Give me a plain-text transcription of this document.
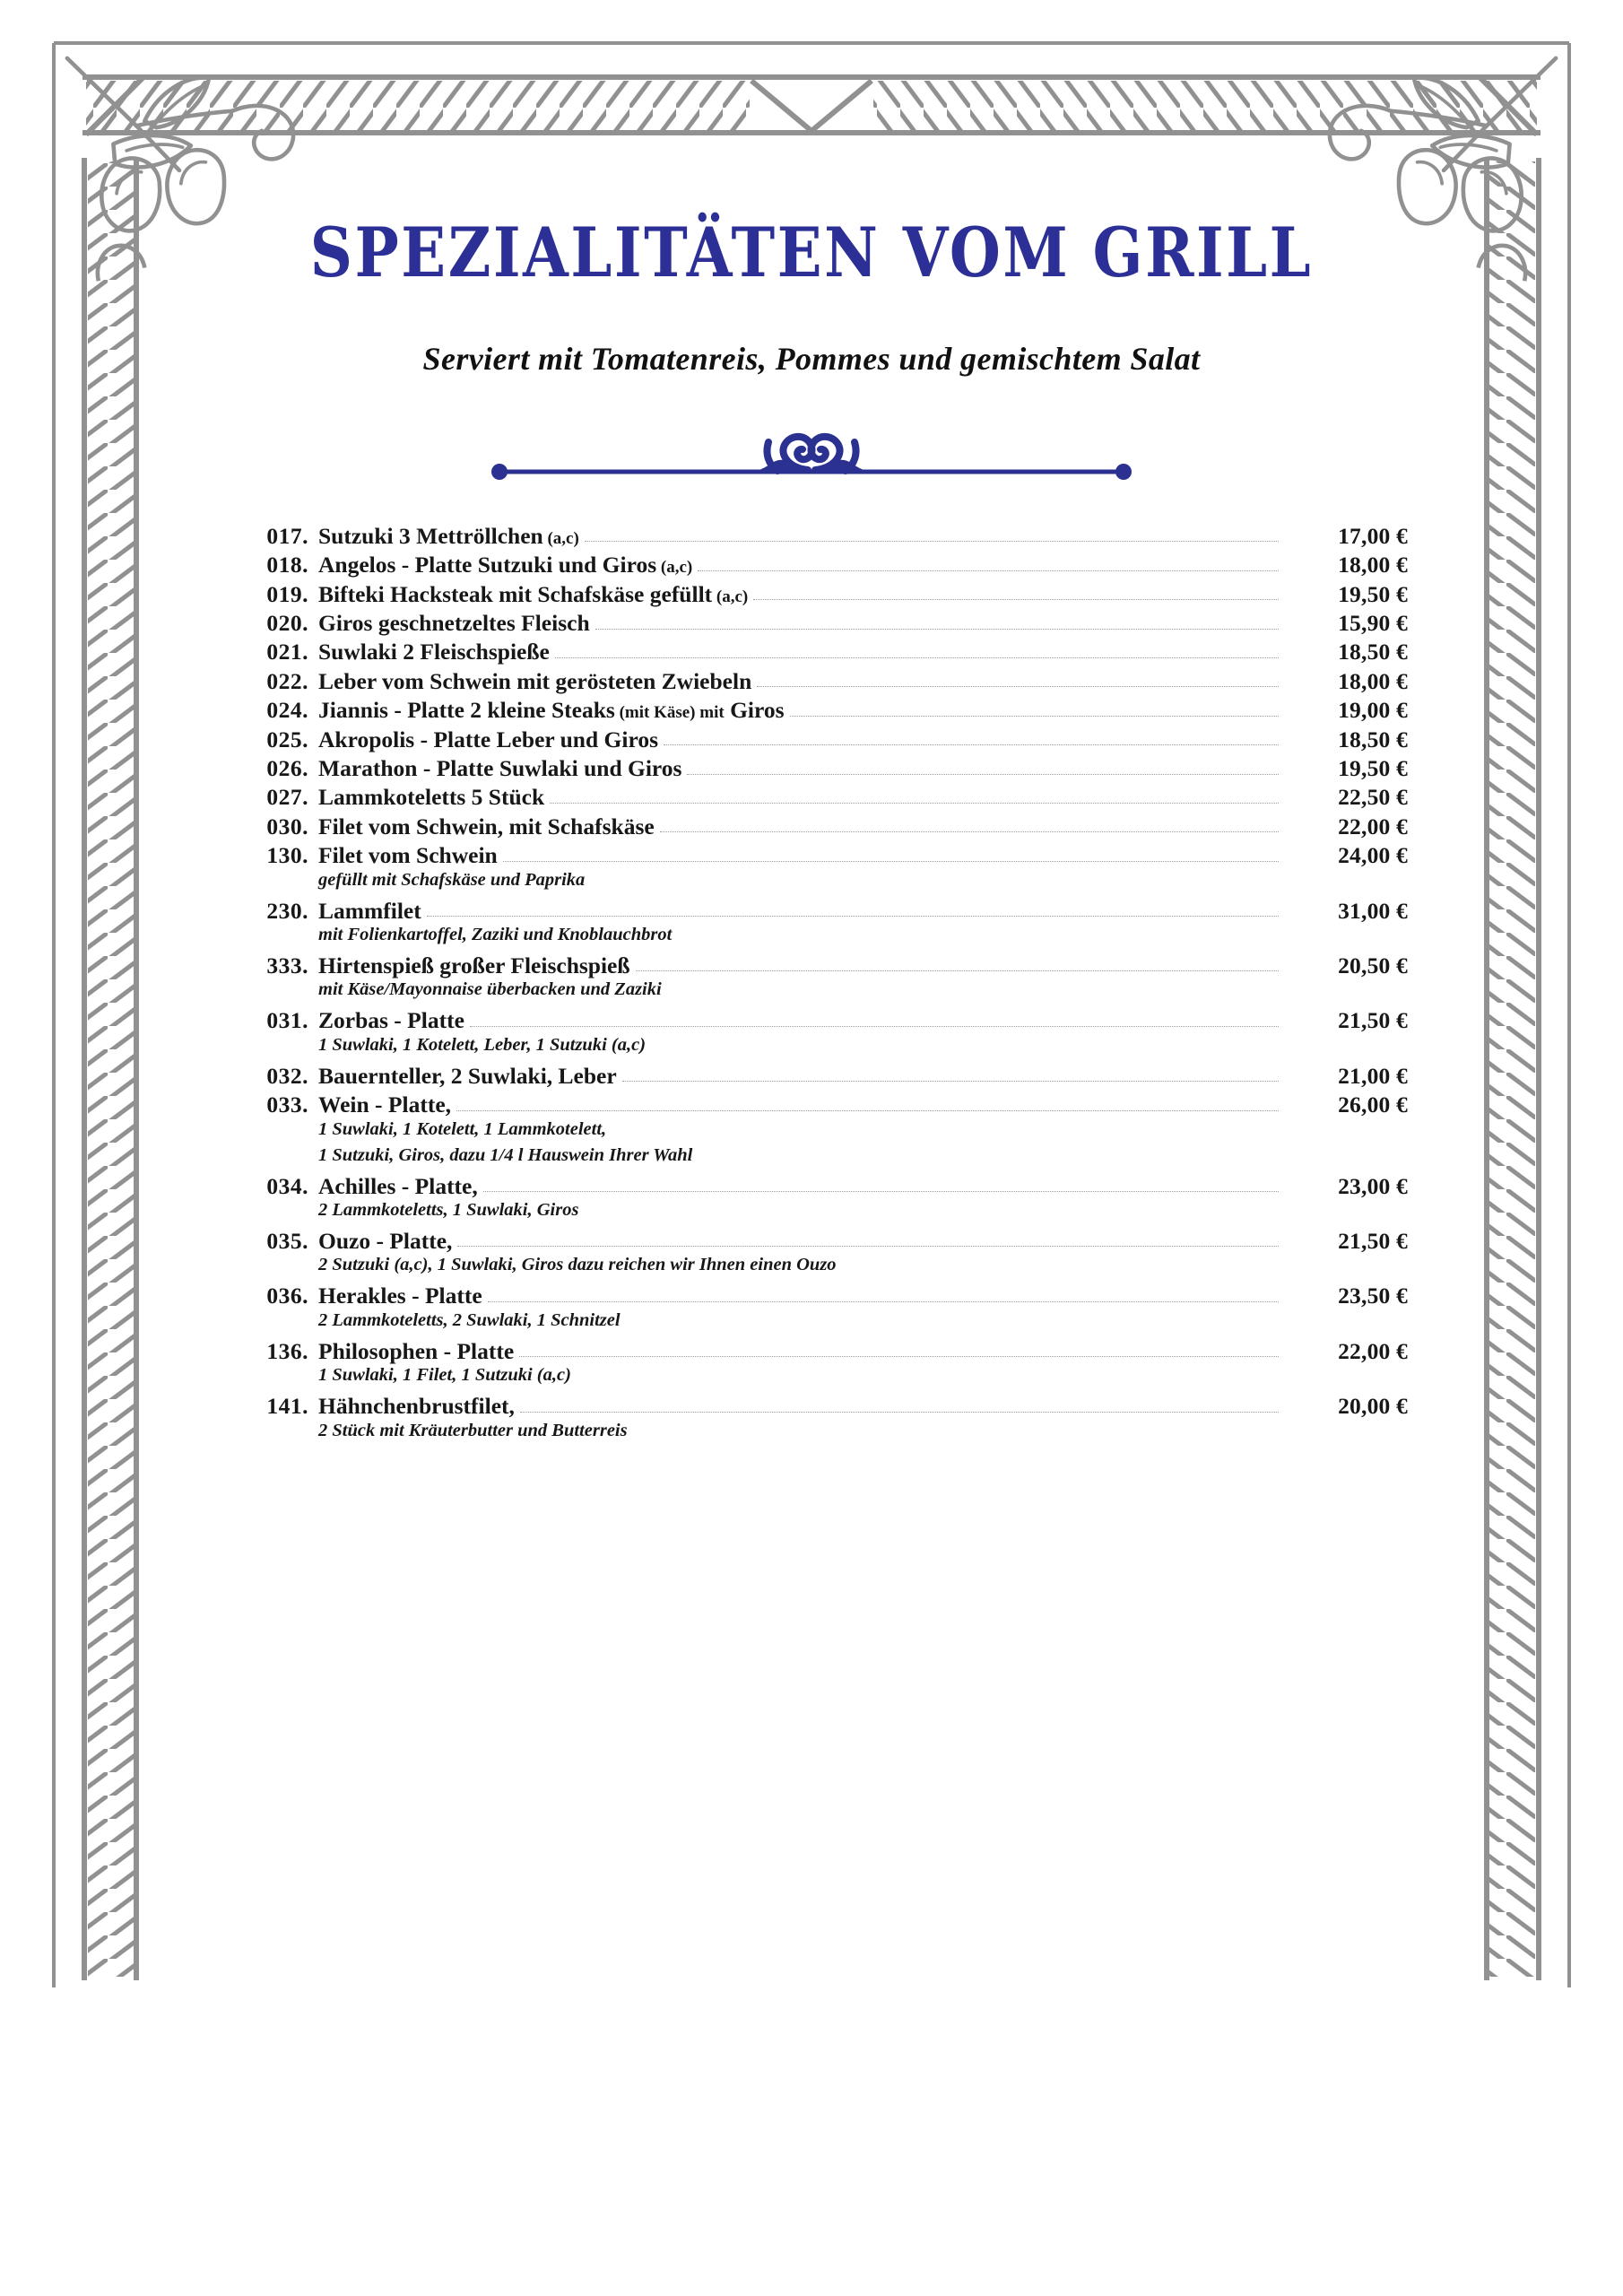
SPEZIALITÄTEN VOM GRILL
Serviert mit Tomatenreis, Pommes und gemischtem Salat
017. Sutzuki 3 Mettröllchen (a,c)	17,00 €
018. Angelos - Platte Sutzuki und Giros (a,c)	18,00 €
019. Bifteki Hacksteak mit Schafskäse gefüllt (a,c)	19,50 €
020. Giros geschnetzeltes Fleisch	15,90 €
021. Suwlaki 2 Fleischspieße	18,50 €
022. Leber vom Schwein mit gerösteten Zwiebeln	18,00 €
024. Jiannis - Platte 2 kleine Steaks (mit Käse) mit Giros	19,00 €
025. Akropolis - Platte Leber und Giros	18,50 €
026. Marathon - Platte Suwlaki und Giros	19,50 €
027. Lammkoteletts 5 Stück	22,50 €
030. Filet vom Schwein, mit Schafskäse	22,00 €
130. Filet vom Schwein	24,00 €
gefüllt mit Schafskäse und Paprika
230. Lammfilet	31,00 €
mit Folienkartoffel, Zaziki und Knoblauchbrot
333. Hirtenspieß großer Fleischspieß	20,50 €
mit Käse/Mayonnaise überbacken und Zaziki
031. Zorbas - Platte	21,50 €
1 Suwlaki, 1 Kotelett, Leber, 1 Sutzuki (a,c)
032. Bauernteller, 2 Suwlaki, Leber	21,00 €
033. Wein - Platte,	26,00 €
1 Suwlaki, 1 Kotelett, 1 Lammkotelett,
1 Sutzuki, Giros, dazu 1/4 l Hauswein Ihrer Wahl
034. Achilles - Platte,	23,00 €
2 Lammkoteletts, 1 Suwlaki, Giros
035. Ouzo - Platte,	21,50 €
2 Sutzuki (a,c), 1 Suwlaki, Giros dazu reichen wir Ihnen einen Ouzo
036. Herakles - Platte	23,50 €
2 Lammkoteletts, 2 Suwlaki, 1 Schnitzel
136. Philosophen - Platte	22,00 €
1 Suwlaki, 1 Filet, 1 Sutzuki (a,c)
141. Hähnchenbrustfilet,	20,00 €
2 Stück mit Kräuterbutter und Butterreis
